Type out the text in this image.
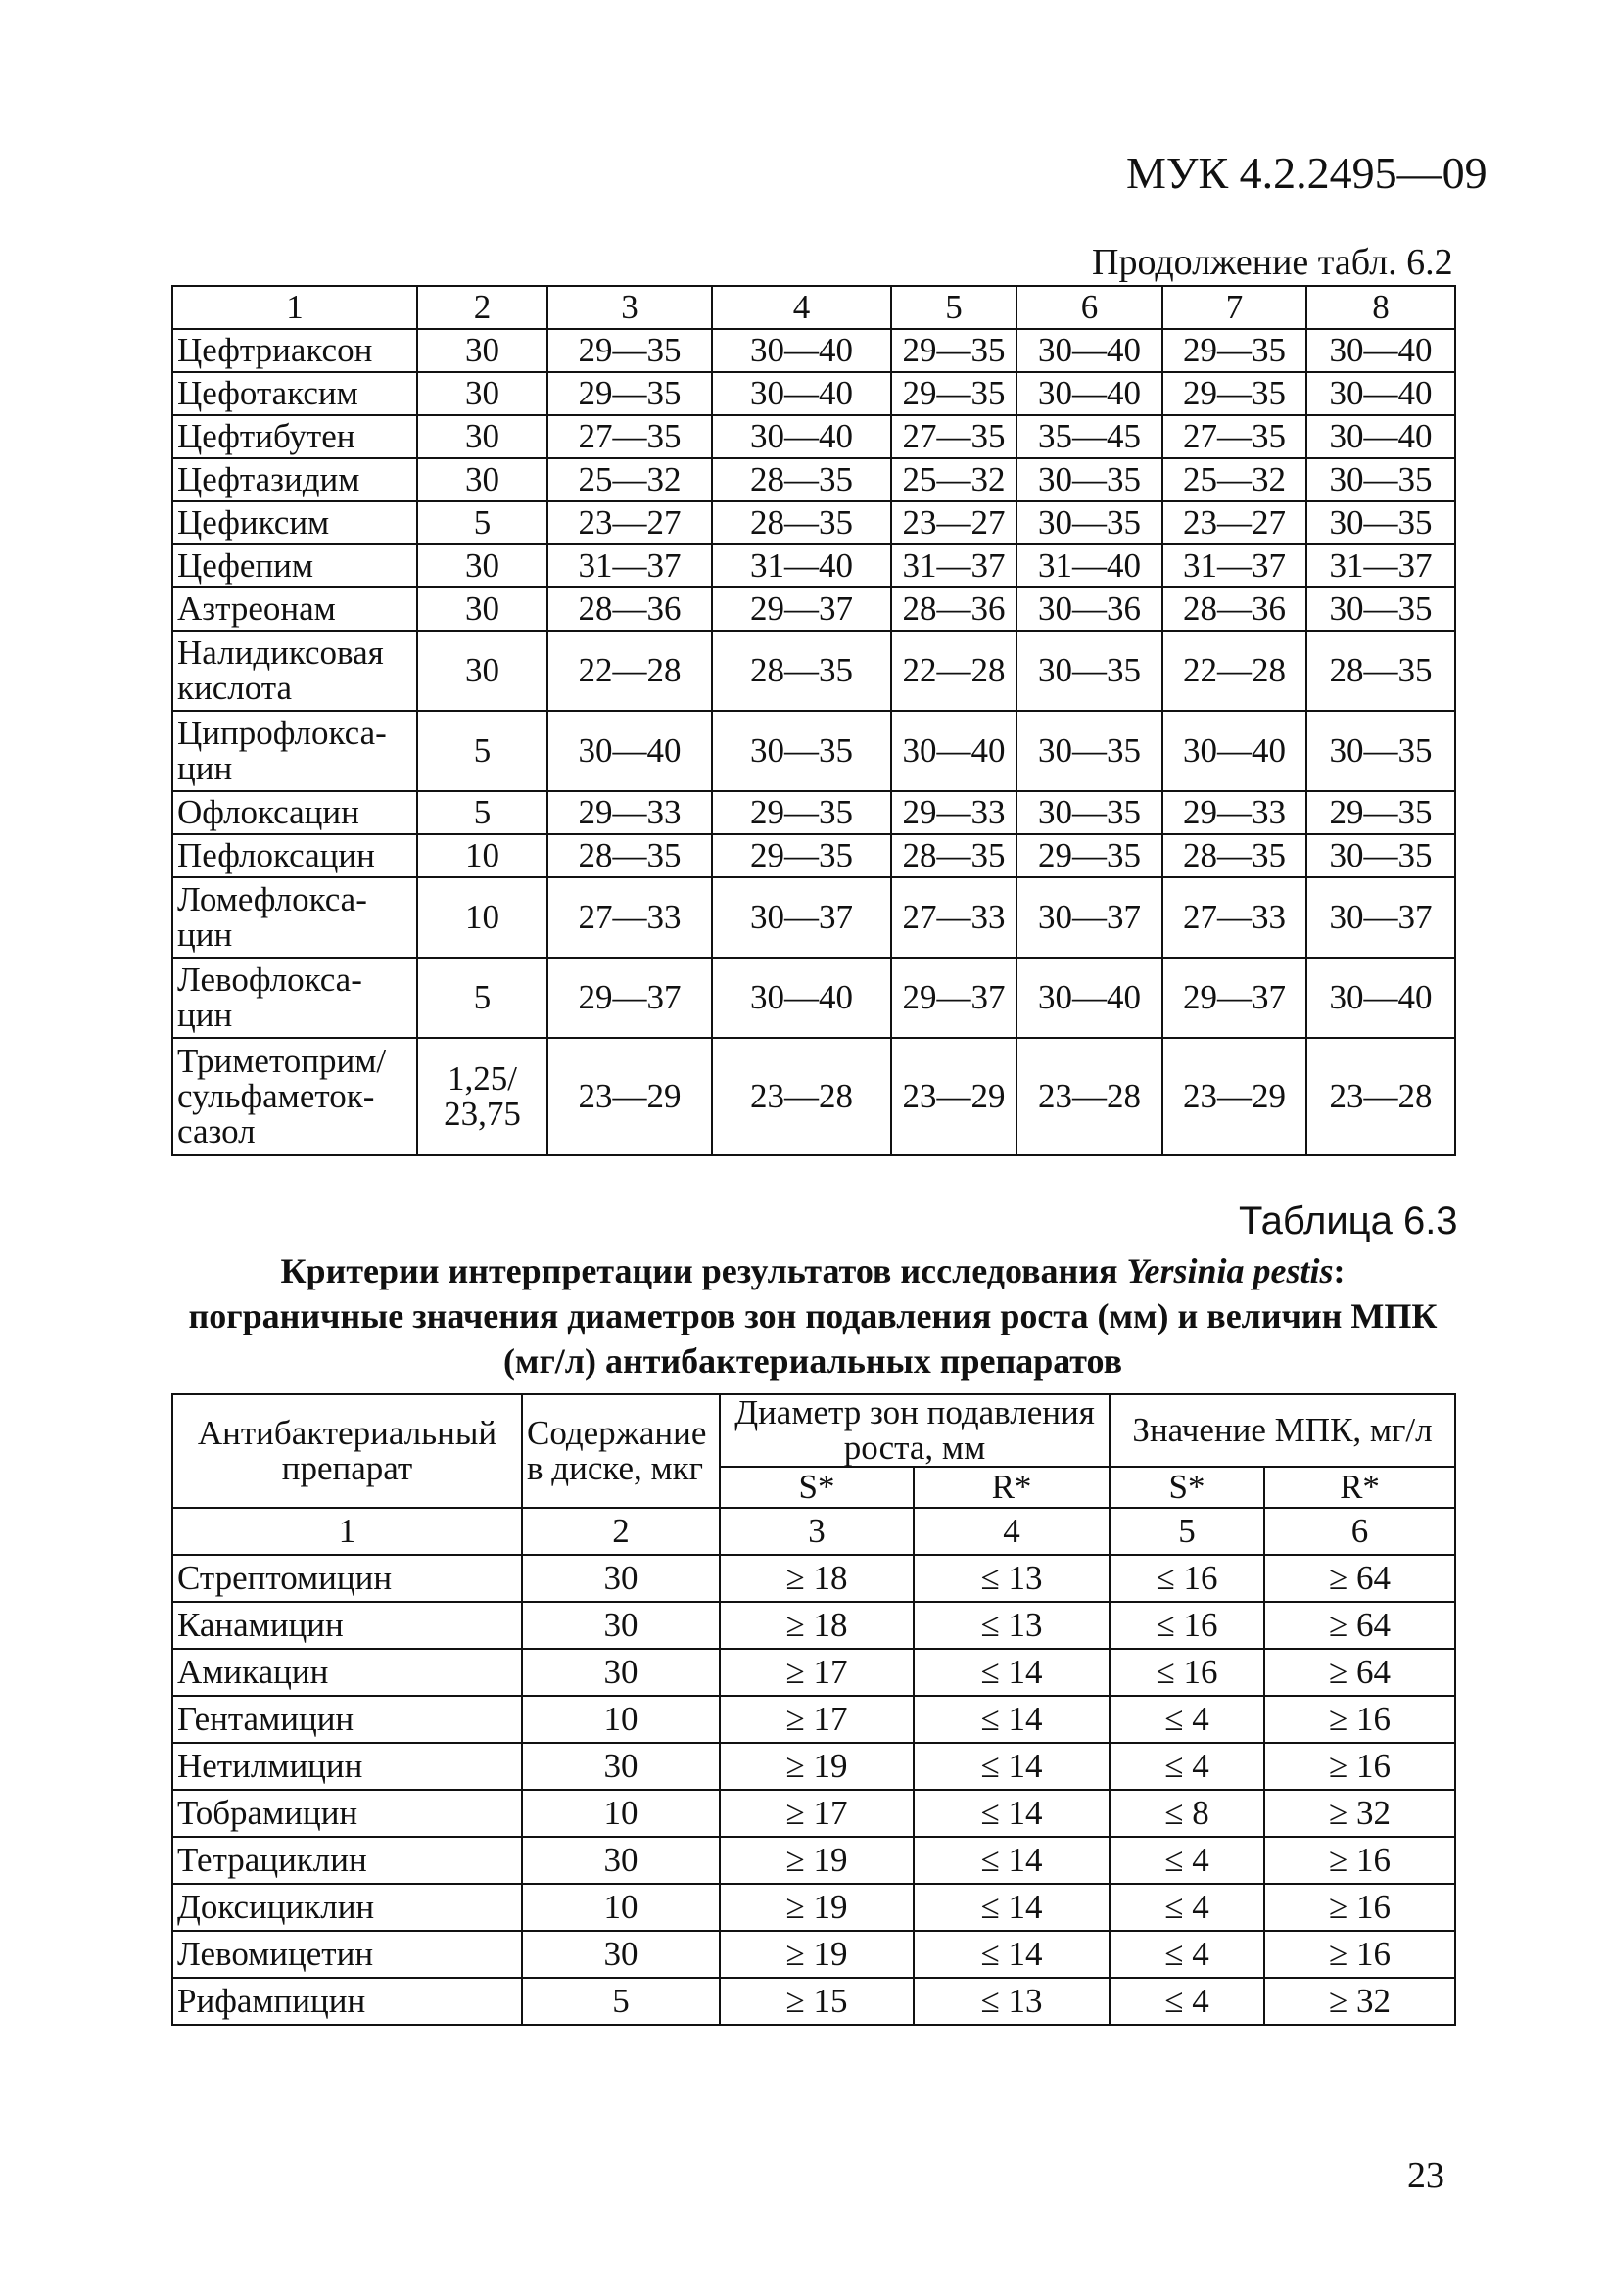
МУК 4.2.2495—09
Продолжение табл. 6.2
1	2	3	4	5	6	7	8
Цефтриаксон	30	29—35	30—40	29—35	30—40	29—35	30—40
Цефотаксим	30	29—35	30—40	29—35	30—40	29—35	30—40
Цефтибутен	30	27—35	30—40	27—35	35—45	27—35	30—40
Цефтазидим	30	25—32	28—35	25—32	30—35	25—32	30—35
Цефиксим	5	23—27	28—35	23—27	30—35	23—27	30—35
Цефепим	30	31—37	31—40	31—37	31—40	31—37	31—37
Азтреонам	30	28—36	29—37	28—36	30—36	28—36	30—35
Налидиксовая кислота	30	22—28	28—35	22—28	30—35	22—28	28—35
Ципрофлокса-цин	5	30—40	30—35	30—40	30—35	30—40	30—35
Офлоксацин	5	29—33	29—35	29—33	30—35	29—33	29—35
Пефлоксацин	10	28—35	29—35	28—35	29—35	28—35	30—35
Ломефлокса-цин	10	27—33	30—37	27—33	30—37	27—33	30—37
Левофлокса-цин	5	29—37	30—40	29—37	30—40	29—37	30—40
Триметоприм/ сульфаметок-сазол	1,25/ 23,75	23—29	23—28	23—29	23—28	23—29	23—28
Таблица 6.3
Критерии интерпретации результатов исследования Yersinia pestis: пограничные значения диаметров зон подавления роста (мм) и величин МПК (мг/л) антибактериальных препаратов
Антибактериальный препарат	Содержание в диске, мкг	Диаметр зон подавления роста, мм		Значение МПК, мг/л	
		S*	R*	S*	R*
1	2	3	4	5	6
Стрептомицин	30	≥ 18	≤ 13	≤ 16	≥ 64
Канамицин	30	≥ 18	≤ 13	≤ 16	≥ 64
Амикацин	30	≥ 17	≤ 14	≤ 16	≥ 64
Гентамицин	10	≥ 17	≤ 14	≤ 4	≥ 16
Нетилмицин	30	≥ 19	≤ 14	≤ 4	≥ 16
Тобрамицин	10	≥ 17	≤ 14	≤ 8	≥ 32
Тетрациклин	30	≥ 19	≤ 14	≤ 4	≥ 16
Доксициклин	10	≥ 19	≤ 14	≤ 4	≥ 16
Левомицетин	30	≥ 19	≤ 14	≤ 4	≥ 16
Рифампицин	5	≥ 15	≤ 13	≤ 4	≥ 32
23
